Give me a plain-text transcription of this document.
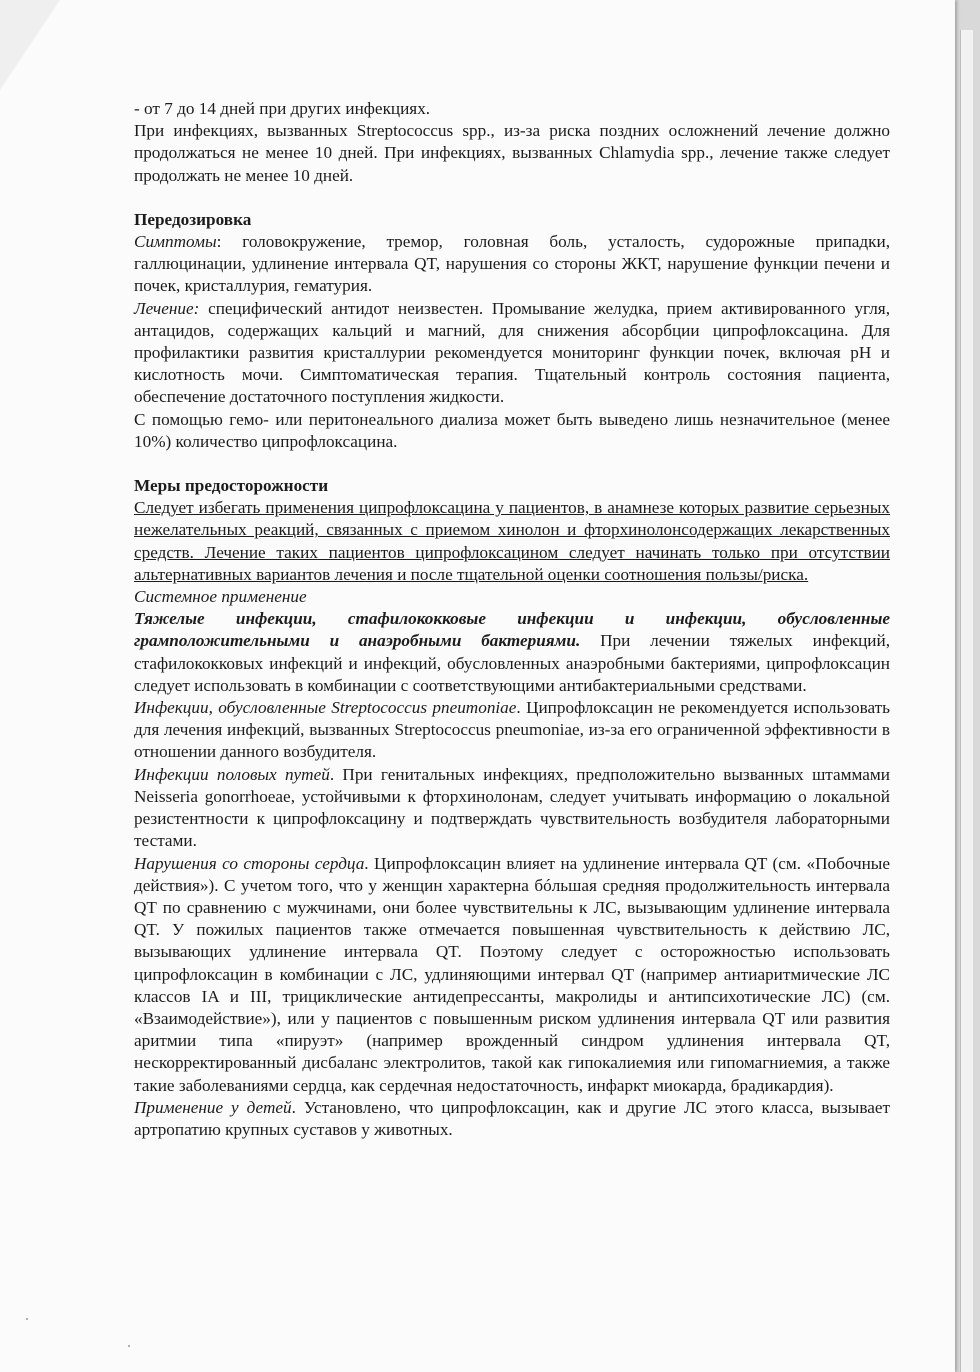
- от 7 до 14 дней при других инфекциях.

При инфекциях, вызванных Streptococcus spp., из-за риска поздних осложнений лечение должно продолжаться не менее 10 дней. При инфекциях, вызванных Chlamydia spp., лечение также следует продолжать не менее 10 дней.

Передозировка

Симптомы: головокружение, тремор, головная боль, усталость, судорожные припадки, галлюцинации, удлинение интервала QT, нарушения со стороны ЖКТ, нарушение функции печени и почек, кристаллурия, гематурия.

Лечение: специфический антидот неизвестен. Промывание желудка, прием активированного угля, антацидов, содержащих кальций и магний, для снижения абсорбции ципрофлоксацина. Для профилактики развития кристаллурии рекомендуется мониторинг функции почек, включая pH и кислотность мочи. Симптоматическая терапия. Тщательный контроль состояния пациента, обеспечение достаточного поступления жидкости.

С помощью гемо- или перитонеального диализа может быть выведено лишь незначительное (менее 10%) количество ципрофлоксацина.

Меры предосторожности

Следует избегать применения ципрофлоксацина у пациентов, в анамнезе которых развитие серьезных нежелательных реакций, связанных с приемом хинолон и фторхинолонсодержащих лекарственных средств. Лечение таких пациентов ципрофлоксацином следует начинать только при отсутствии альтернативных вариантов лечения и после тщательной оценки соотношения пользы/риска.

Системное применение

Тяжелые инфекции, стафилококковые инфекции и инфекции, обусловленные грамположительными и анаэробными бактериями. При лечении тяжелых инфекций, стафилококковых инфекций и инфекций, обусловленных анаэробными бактериями, ципрофлоксацин следует использовать в комбинации с соответствующими антибактериальными средствами.

Инфекции, обусловленные Streptococcus pneumoniae. Ципрофлоксацин не рекомендуется использовать для лечения инфекций, вызванных Streptococcus pneumoniae, из-за его ограниченной эффективности в отношении данного возбудителя.

Инфекции половых путей. При генитальных инфекциях, предположительно вызванных штаммами Neisseria gonorrhoeae, устойчивыми к фторхинолонам, следует учитывать информацию о локальной резистентности к ципрофлоксацину и подтверждать чувствительность возбудителя лабораторными тестами.

Нарушения со стороны сердца. Ципрофлоксацин влияет на удлинение интервала QT (см. «Побочные действия»). С учетом того, что у женщин характерна бóльшая средняя продолжительность интервала QT по сравнению с мужчинами, они более чувствительны к ЛС, вызывающим удлинение интервала QT. У пожилых пациентов также отмечается повышенная чувствительность к действию ЛС, вызывающих удлинение интервала QT. Поэтому следует с осторожностью использовать ципрофлоксацин в комбинации с ЛС, удлиняющими интервал QT (например антиаритмические ЛС классов IA и III, трициклические антидепрессанты, макролиды и антипсихотические ЛС) (см. «Взаимодействие»), или у пациентов с повышенным риском удлинения интервала QT или развития аритмии типа «пируэт» (например врожденный синдром удлинения интервала QT, нескорректированный дисбаланс электролитов, такой как гипокалиемия или гипомагниемия, а также такие заболеваниями сердца, как сердечная недостаточность, инфаркт миокарда, брадикардия).

Применение у детей. Установлено, что ципрофлоксацин, как и другие ЛС этого класса, вызывает артропатию крупных суставов у животных.
